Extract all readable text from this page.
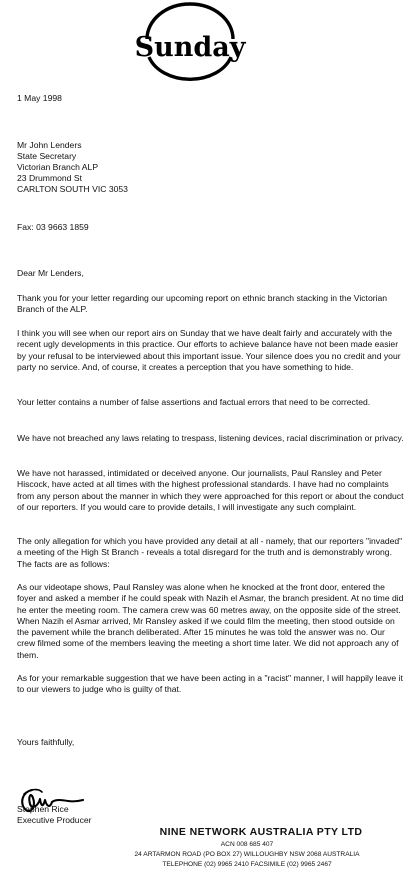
Sunday
1 May 1998
Mr John Lenders
State Secretary
Victorian Branch ALP
23 Drummond St
CARLTON SOUTH VIC 3053
Fax: 03 9663 1859
Dear Mr Lenders,
Thank you for your letter regarding our upcoming report on ethnic branch stacking in the Victorian Branch of the ALP.
I think you will see when our report airs on Sunday that we have dealt fairly and accurately with the recent ugly developments in this practice. Our efforts to achieve balance have not been made easier by your refusal to be interviewed about this important issue. Your silence does you no credit and your party no service. And, of course, it creates a perception that you have something to hide.
Your letter contains a number of false assertions and factual errors that need to be corrected.
We have not breached any laws relating to trespass, listening devices, racial discrimination or privacy.
We have not harassed, intimidated or deceived anyone. Our journalists, Paul Ransley and Peter Hiscock, have acted at all times with the highest professional standards. I have had no complaints from any person about the manner in which they were approached for this report or about the conduct of our reporters. If you would care to provide details, I will investigate any such complaint.
The only allegation for which you have provided any detail at all - namely, that our reporters "invaded" a meeting of the High St Branch - reveals a total disregard for the truth and is demonstrably wrong. The facts are as follows:
As our videotape shows, Paul Ransley was alone when he knocked at the front door, entered the foyer and asked a member if he could speak with Nazih el Asmar, the branch president. At no time did he enter the meeting room. The camera crew was 60 metres away, on the opposite side of the street. When Nazih el Asmar arrived, Mr Ransley asked if we could film the meeting, then stood outside on the pavement while the branch deliberated. After 15 minutes he was told the answer was no. Our crew filmed some of the members leaving the meeting a short time later. We did not approach any of them.
As for your remarkable suggestion that we have been acting in a "racist" manner, I will happily leave it to our viewers to judge who is guilty of that.
Yours faithfully,
Stephen Rice
Executive Producer
NINE NETWORK AUSTRALIA PTY LTD
ACN 008 685 407
24 ARTARMON ROAD (PO BOX 27) WILLOUGHBY NSW 2068 AUSTRALIA
TELEPHONE (02) 9965 2410 FACSIMILE (02) 9965 2467
